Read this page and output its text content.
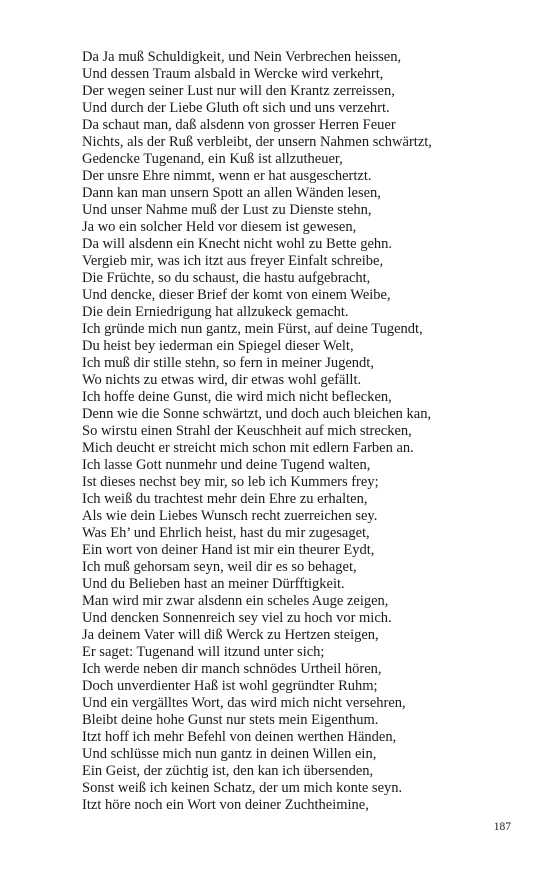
Da Ja muß Schuldigkeit, und Nein Verbrechen heissen,
Und dessen Traum alsbald in Wercke wird verkehrt,
Der wegen seiner Lust nur will den Krantz zerreissen,
Und durch der Liebe Gluth oft sich und uns verzehrt.
Da schaut man, daß alsdenn von grosser Herren Feuer
Nichts, als der Ruß verbleibt, der unsern Nahmen schwärtzt,
Gedencke Tugenand, ein Kuß ist allzutheuer,
Der unsre Ehre nimmt, wenn er hat ausgeschertzt.
Dann kan man unsern Spott an allen Wänden lesen,
Und unser Nahme muß der Lust zu Dienste stehn,
Ja wo ein solcher Held vor diesem ist gewesen,
Da will alsdenn ein Knecht nicht wohl zu Bette gehn.
Vergieb mir, was ich itzt aus freyer Einfalt schreibe,
Die Früchte, so du schaust, die hastu aufgebracht,
Und dencke, dieser Brief der komt von einem Weibe,
Die dein Erniedrigung hat allzukeck gemacht.
Ich gründe mich nun gantz, mein Fürst, auf deine Tugendt,
Du heist bey iederman ein Spiegel dieser Welt,
Ich muß dir stille stehn, so fern in meiner Jugendt,
Wo nichts zu etwas wird, dir etwas wohl gefällt.
Ich hoffe deine Gunst, die wird mich nicht beflecken,
Denn wie die Sonne schwärtzt, und doch auch bleichen kan,
So wirstu einen Strahl der Keuschheit auf mich strecken,
Mich deucht er streicht mich schon mit edlern Farben an.
Ich lasse Gott nunmehr und deine Tugend walten,
Ist dieses nechst bey mir, so leb ich Kummers frey;
Ich weiß du trachtest mehr dein Ehre zu erhalten,
Als wie dein Liebes Wunsch recht zuerreichen sey.
Was Eh’ und Ehrlich heist, hast du mir zugesaget,
Ein wort von deiner Hand ist mir ein theurer Eydt,
Ich muß gehorsam seyn, weil dir es so behaget,
Und du Belieben hast an meiner Dürfftigkeit.
Man wird mir zwar alsdenn ein scheles Auge zeigen,
Und dencken Sonnenreich sey viel zu hoch vor mich.
Ja deinem Vater will diß Werck zu Hertzen steigen,
Er saget: Tugenand will itzund unter sich;
Ich werde neben dir manch schnödes Urtheil hören,
Doch unverdienter Haß ist wohl gegründter Ruhm;
Und ein vergälltes Wort, das wird mich nicht versehren,
Bleibt deine hohe Gunst nur stets mein Eigenthum.
Itzt hoff ich mehr Befehl von deinen werthen Händen,
Und schlüsse mich nun gantz in deinen Willen ein,
Ein Geist, der züchtig ist, den kan ich übersenden,
Sonst weiß ich keinen Schatz, der um mich konte seyn.
Itzt höre noch ein Wort von deiner Zuchtheimine,
187
